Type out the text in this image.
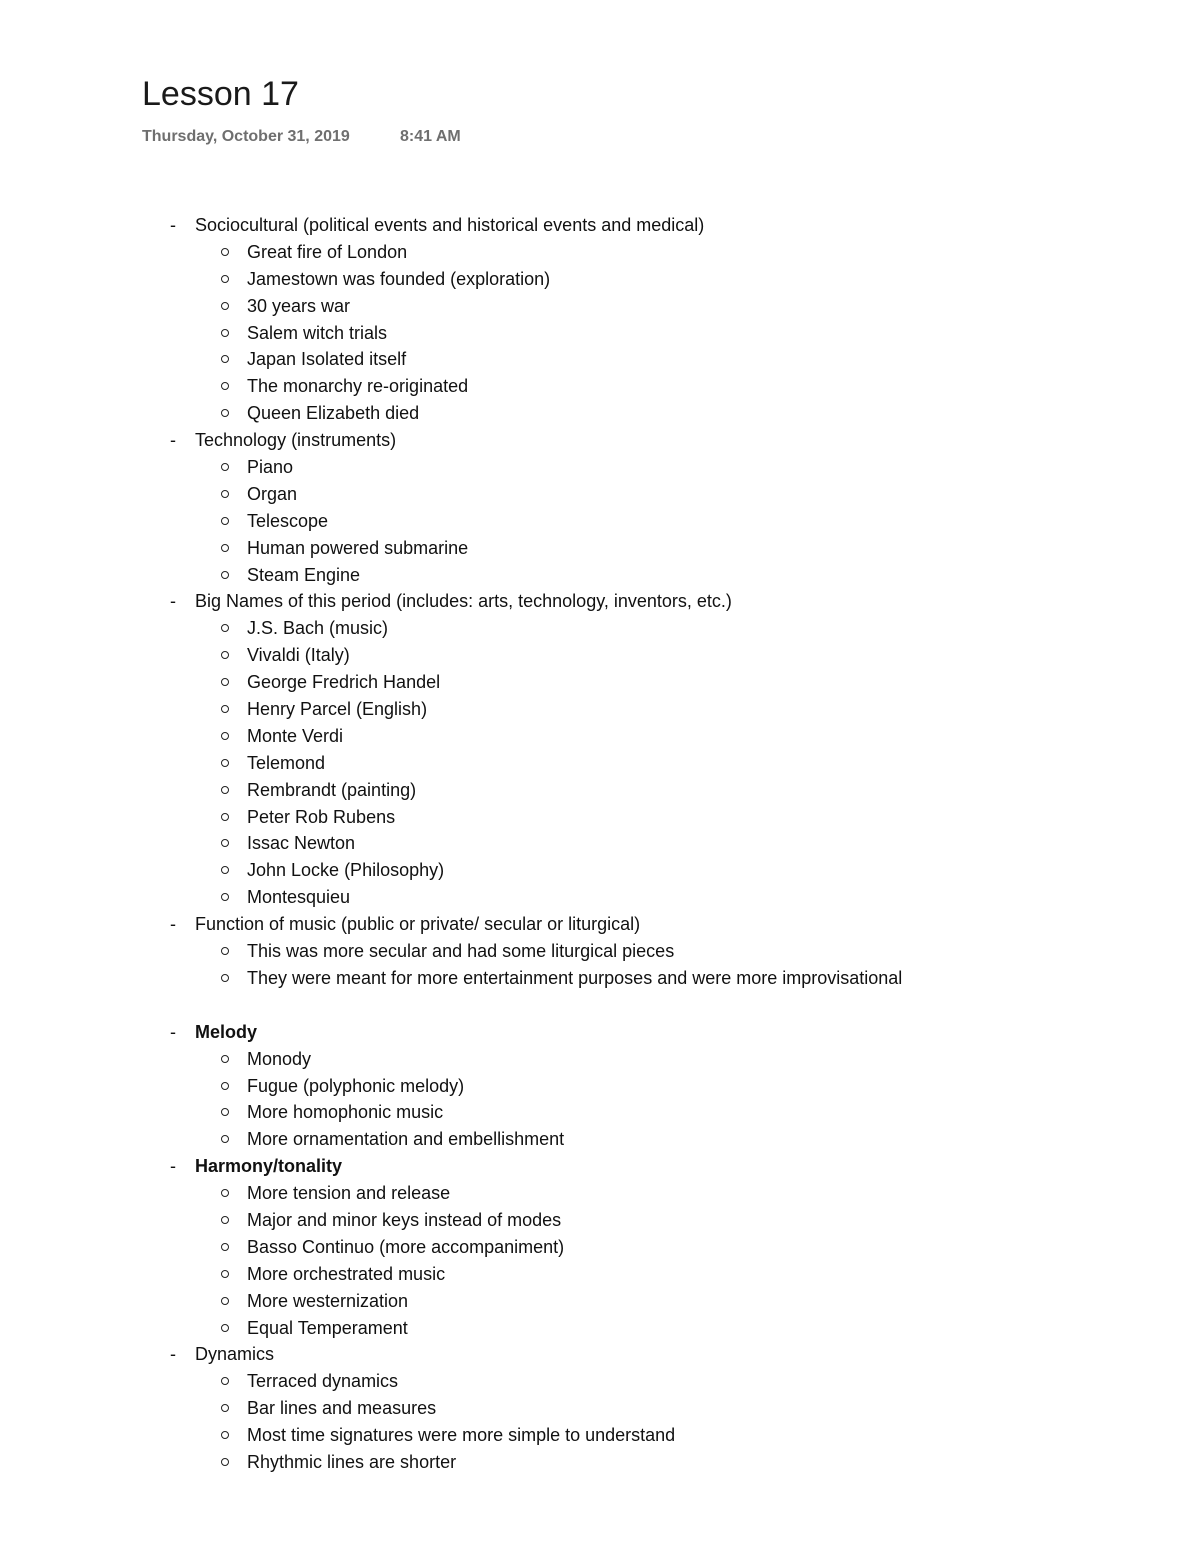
Lesson 17
Thursday, October 31, 2019	8:41 AM
- Sociocultural (political events and historical events and medical)
Great fire of London
Jamestown was founded (exploration)
30 years war
Salem witch trials
Japan Isolated itself
The monarchy re-originated
Queen Elizabeth died
- Technology (instruments)
Piano
Organ
Telescope
Human powered submarine
Steam Engine
- Big Names of this period (includes: arts, technology, inventors, etc.)
J.S. Bach (music)
Vivaldi (Italy)
George Fredrich Handel
Henry Parcel (English)
Monte Verdi
Telemond
Rembrandt (painting)
Peter Rob Rubens
Issac Newton
John Locke (Philosophy)
Montesquieu
- Function of music (public or private/ secular or liturgical)
This was more secular and had some liturgical pieces
They were meant for more entertainment purposes and were more improvisational
- Melody
Monody
Fugue (polyphonic melody)
More homophonic music
More ornamentation and embellishment
- Harmony/tonality
More tension and release
Major and minor keys instead of modes
Basso Continuo (more accompaniment)
More orchestrated music
More westernization
Equal Temperament
- Dynamics
Terraced dynamics
Bar lines and measures
Most time signatures were more simple to understand
Rhythmic lines are shorter
